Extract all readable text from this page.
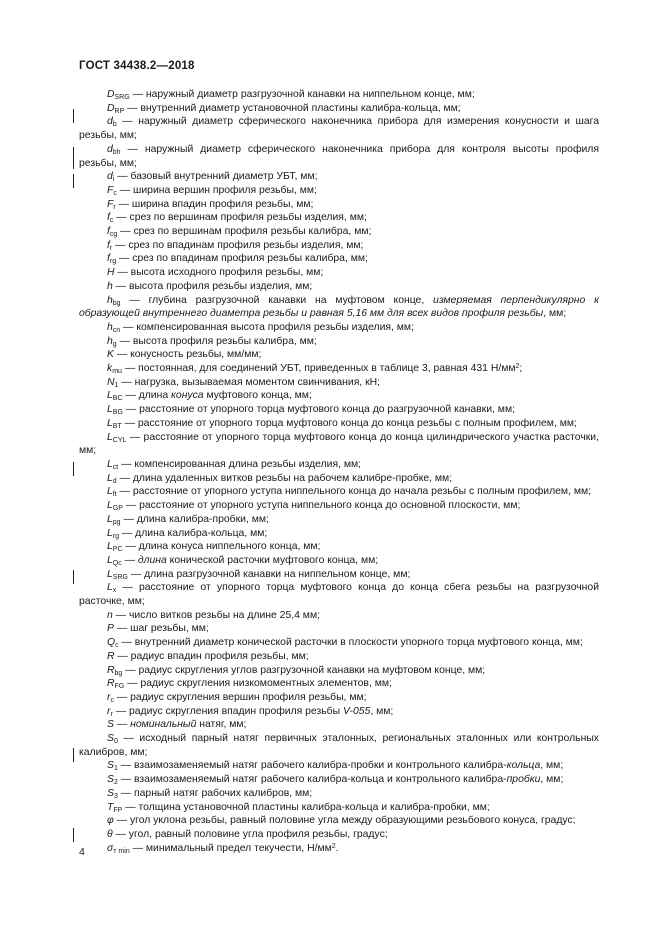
ГОСТ 34438.2—2018
$D_{SRG}$ — наружный диаметр разгрузочной канавки на ниппельном конце, мм;
$D_{RP}$ — внутренний диаметр установочной пластины калибра-кольца, мм;
$d_b$ — наружный диаметр сферического наконечника прибора для измерения конусности и шага резьбы, мм;
$d_{bh}$ — наружный диаметр сферического наконечника прибора для контроля высоты профиля резьбы, мм;
$d_i$ — базовый внутренний диаметр УБТ, мм;
$F_c$ — ширина вершин профиля резьбы, мм;
$F_r$ — ширина впадин профиля резьбы, мм;
$f_c$ — срез по вершинам профиля резьбы изделия, мм;
$f_{cg}$ — срез по вершинам профиля резьбы калибра, мм;
$f_r$ — срез по впадинам профиля резьбы изделия, мм;
$f_{rg}$ — срез по впадинам профиля резьбы калибра, мм;
H — высота исходного профиля резьбы, мм;
h — высота профиля резьбы изделия, мм;
$h_{bg}$ — глубина разгрузочной канавки на муфтовом конце, измеряемая перпендикулярно к образующей внутреннего диаметра резьбы и равная 5,16 мм для всех видов профиля резьбы, мм;
$h_{cn}$ — компенсированная высота профиля резьбы изделия, мм;
$h_g$ — высота профиля резьбы калибра, мм;
K — конусность резьбы, мм/мм;
$k_{mu}$ — постоянная, для соединений УБТ, приведенных в таблице 3, равная 431 $Н/мм^2$;
$N_1$ — нагрузка, вызываемая моментом свинчивания, кН;
$L_{BC}$ — длина конуса муфтового конца, мм;
$L_{BG}$ — расстояние от упорного торца муфтового конца до разгрузочной канавки, мм;
$L_{BT}$ — расстояние от упорного торца муфтового конца до конца резьбы с полным профилем, мм;
$L_{CYL}$ — расстояние от упорного торца муфтового конца до конца цилиндрического участка расточки, мм;
$L_{ct}$ — компенсированная длина резьбы изделия, мм;
$L_d$ — длина удаленных витков резьбы на рабочем калибре-пробке, мм;
$L_{ft}$ — расстояние от упорного уступа ниппельного конца до начала резьбы с полным профилем, мм;
$L_{GP}$ — расстояние от упорного уступа ниппельного конца до основной плоскости, мм;
$L_{pg}$ — длина калибра-пробки, мм;
$L_{rg}$ — длина калибра-кольца, мм;
$L_{PC}$ — длина конуса ниппельного конца, мм;
$L_{Qc}$ — длина конической расточки муфтового конца, мм;
$L_{SRG}$ — длина разгрузочной канавки на ниппельном конце, мм;
$L_x$ — расстояние от упорного торца муфтового конца до конца сбега резьбы на разгрузочной расточке, мм;
n — число витков резьбы на длине 25,4 мм;
P — шаг резьбы, мм;
$Q_c$ — внутренний диаметр конической расточки в плоскости упорного торца муфтового конца, мм;
R — радиус впадин профиля резьбы, мм;
$R_{bg}$ — радиус скругления углов разгрузочной канавки на муфтовом конце, мм;
$R_{FG}$ — радиус скругления низкомоментных элементов, мм;
$r_c$ — радиус скругления вершин профиля резьбы, мм;
$r_r$ — радиус скругления впадин профиля резьбы V-055, мм;
S — номинальный натяг, мм;
$S_0$ — исходный парный натяг первичных эталонных, региональных эталонных или контрольных калибров, мм;
$S_1$ — взаимозаменяемый натяг рабочего калибра-пробки и контрольного калибра-кольца, мм;
$S_2$ — взаимозаменяемый натяг рабочего калибра-кольца и контрольного калибра-пробки, мм;
$S_3$ — парный натяг рабочих калибров, мм;
$T_{FP}$ — толщина установочной пластины калибра-кольца и калибра-пробки, мм;
φ — угол уклона резьбы, равный половине угла между образующими резьбового конуса, градус;
θ — угол, равный половине угла профиля резьбы, градус;
$\sigma_{т min}$ — минимальный предел текучести, $Н/мм^2$.
4
